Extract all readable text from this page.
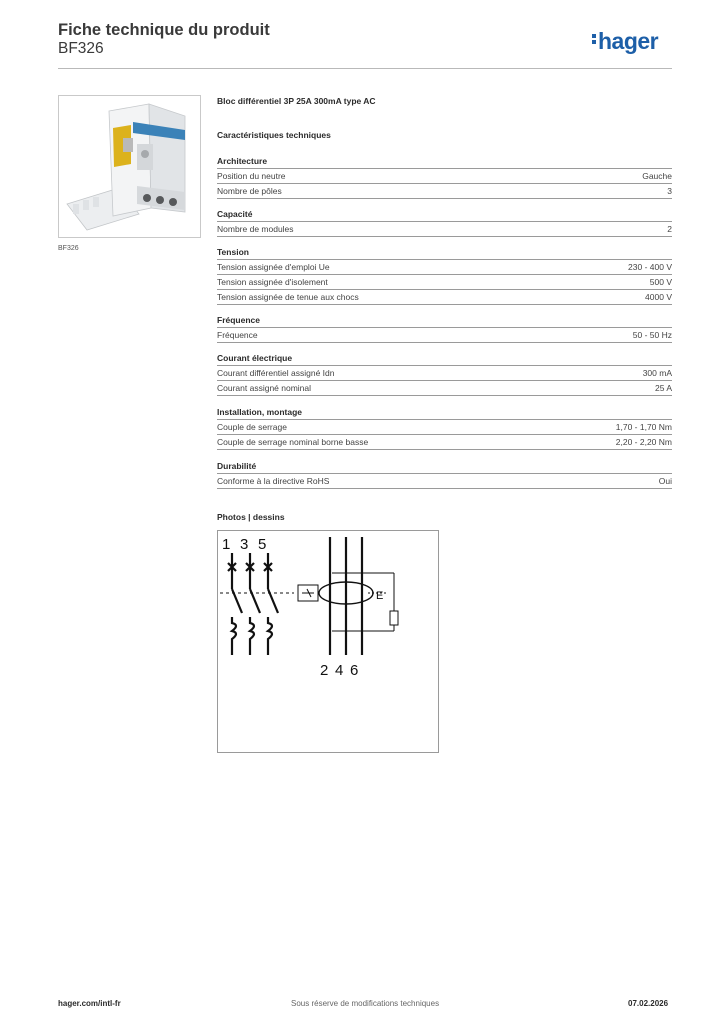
Fiche technique du produit
BF326	hager
BF326
Bloc différentiel 3P 25A 300mA type AC
Caractéristiques techniques
Architecture
Position du neutre	Gauche
Nombre de pôles	3
Capacité
Nombre de modules	2
Tension
Tension assignée d'emploi Ue	230 - 400 V
Tension assignée d'isolement	500 V
Tension assignée de tenue aux chocs	4000 V
Fréquence
Fréquence	50 - 50 Hz
Courant électrique
Courant différentiel assigné Idn	300 mA
Courant assigné nominal	25 A
Installation, montage
Couple de serrage	1,70 - 1,70 Nm
Couple de serrage nominal borne basse	2,20 - 2,20 Nm
Durabilité
Conforme à la directive RoHS	Oui
Photos | dessins
E
1 3 5
2 4 6
hager.com/intl-fr	Sous réserve de modifications techniques	07.02.2026
